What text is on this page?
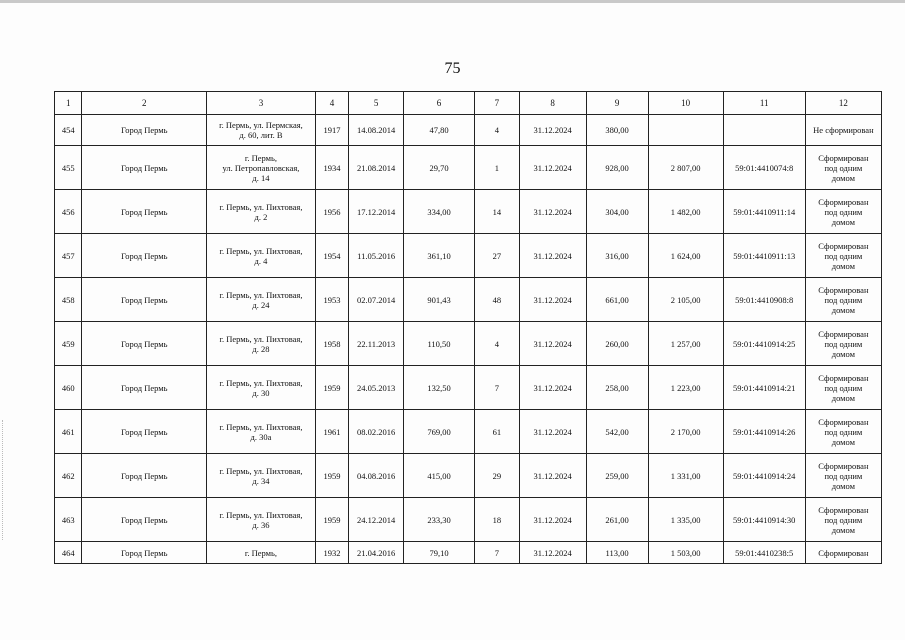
75
1	2	3	4	5	6	7	8	9	10	11	12
454	Город Пермь	г. Пермь, ул. Пермская,
д. 60, лит. В	1917	14.08.2014	47,80	4	31.12.2024	380,00			Не сформирован
455	Город Пермь	г. Пермь,
ул. Петропавловская,
д. 14	1934	21.08.2014	29,70	1	31.12.2024	928,00	2 807,00	59:01:4410074:8	Сформирован
под одним
домом
456	Город Пермь	г. Пермь, ул. Пихтовая,
д. 2	1956	17.12.2014	334,00	14	31.12.2024	304,00	1 482,00	59:01:4410911:14	Сформирован
под одним
домом
457	Город Пермь	г. Пермь, ул. Пихтовая,
д. 4	1954	11.05.2016	361,10	27	31.12.2024	316,00	1 624,00	59:01:4410911:13	Сформирован
под одним
домом
458	Город Пермь	г. Пермь, ул. Пихтовая,
д. 24	1953	02.07.2014	901,43	48	31.12.2024	661,00	2 105,00	59:01:4410908:8	Сформирован
под одним
домом
459	Город Пермь	г. Пермь, ул. Пихтовая,
д. 28	1958	22.11.2013	110,50	4	31.12.2024	260,00	1 257,00	59:01:4410914:25	Сформирован
под одним
домом
460	Город Пермь	г. Пермь, ул. Пихтовая,
д. 30	1959	24.05.2013	132,50	7	31.12.2024	258,00	1 223,00	59:01:4410914:21	Сформирован
под одним
домом
461	Город Пермь	г. Пермь, ул. Пихтовая,
д. 30а	1961	08.02.2016	769,00	61	31.12.2024	542,00	2 170,00	59:01:4410914:26	Сформирован
под одним
домом
462	Город Пермь	г. Пермь, ул. Пихтовая,
д. 34	1959	04.08.2016	415,00	29	31.12.2024	259,00	1 331,00	59:01:4410914:24	Сформирован
под одним
домом
463	Город Пермь	г. Пермь, ул. Пихтовая,
д. 36	1959	24.12.2014	233,30	18	31.12.2024	261,00	1 335,00	59:01:4410914:30	Сформирован
под одним
домом
464	Город Пермь	г. Пермь,	1932	21.04.2016	79,10	7	31.12.2024	113,00	1 503,00	59:01:4410238:5	Сформирован
